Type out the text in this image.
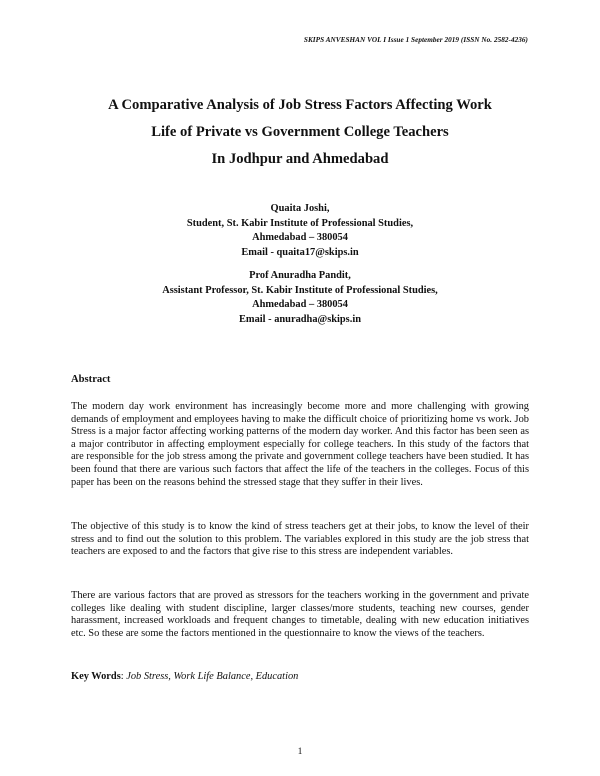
SKIPS ANVESHAN VOL I Issue 1 September 2019 (ISSN No. 2582-4236)
A Comparative Analysis of Job Stress Factors Affecting Work
Life of Private vs Government College Teachers
In Jodhpur and Ahmedabad
Quaita Joshi,
Student, St. Kabir Institute of Professional Studies,
Ahmedabad – 380054
Email - quaita17@skips.in
Prof Anuradha Pandit,
Assistant Professor, St. Kabir Institute of Professional Studies,
Ahmedabad – 380054
Email - anuradha@skips.in
Abstract
The modern day work environment has increasingly become more and more challenging with growing demands of employment and employees having to make the difficult choice of prioritizing home vs work. Job Stress is a major factor affecting working patterns of the modern day worker. And this factor has been seen as a major contributor in affecting employment especially for college teachers. In this study of the factors that are responsible for the job stress among the private and government college teachers have been studied. It has been found that there are various such factors that affect the life of the teachers in the colleges. Focus of this paper has been on the reasons behind the stressed stage that they suffer in their lives.
The objective of this study is to know the kind of stress teachers get at their jobs, to know the level of their stress and to find out the solution to this problem. The variables explored in this study are the job stress that teachers are exposed to and the factors that give rise to this stress are independent variables.
There are various factors that are proved as stressors for the teachers working in the government and private colleges like dealing with student discipline, larger classes/more students, teaching new courses, gender harassment, increased workloads and frequent changes to timetable, dealing with new education initiatives etc. So these are some the factors mentioned in the questionnaire to know the views of the teachers.
Key Words: Job Stress, Work Life Balance, Education
1
